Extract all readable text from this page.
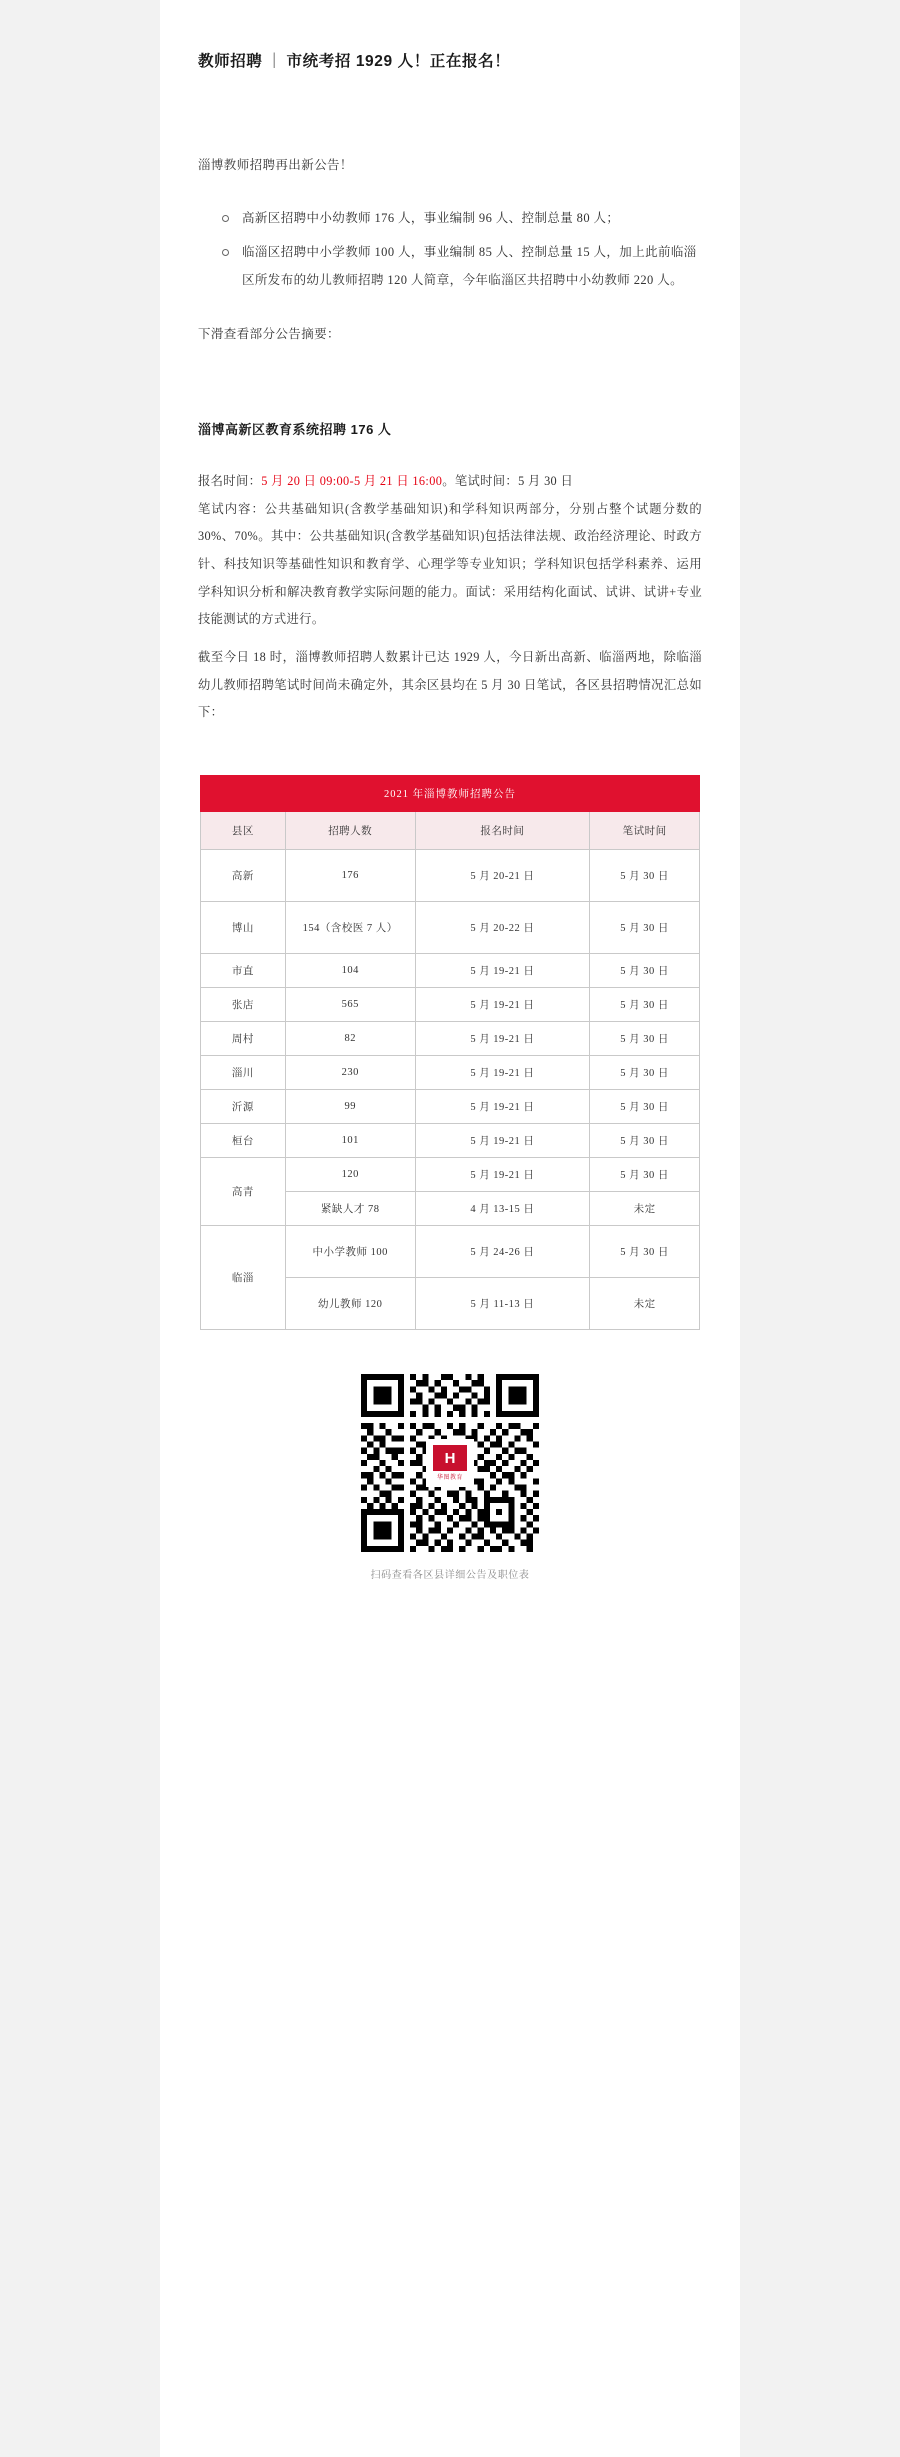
教师招聘 ｜ 市统考招 1929 人！正在报名！
淄博教师招聘再出新公告！
高新区招聘中小幼教师 176 人，事业编制 96 人、控制总量 80 人；
临淄区招聘中小学教师 100 人，事业编制 85 人、控制总量 15 人，加上此前临淄区所发布的幼儿教师招聘 120 人简章，今年临淄区共招聘中小幼教师 220 人。
下滑查看部分公告摘要：
淄博高新区教育系统招聘 176 人
报名时间：5 月 20 日 09:00-5 月 21 日 16:00。笔试时间：5 月 30 日
笔试内容：公共基础知识(含教学基础知识)和学科知识两部分，分别占整个试题分数的 30%、70%。其中：公共基础知识(含教学基础知识)包括法律法规、政治经济理论、时政方针、科技知识等基础性知识和教育学、心理学等专业知识；学科知识包括学科素养、运用学科知识分析和解决教育教学实际问题的能力。面试：采用结构化面试、试讲、试讲+专业技能测试的方式进行。
截至今日 18 时，淄博教师招聘人数累计已达 1929 人，今日新出高新、临淄两地，除临淄幼儿教师招聘笔试时间尚未确定外，其余区县均在 5 月 30 日笔试，各区县招聘情况汇总如下：
2021 年淄博教师招聘公告			
县区	招聘人数	报名时间	笔试时间
高新	176	5 月 20-21 日	5 月 30 日
博山	154（含校医 7 人）	5 月 20-22 日	5 月 30 日
市直	104	5 月 19-21 日	5 月 30 日
张店	565	5 月 19-21 日	5 月 30 日
周村	82	5 月 19-21 日	5 月 30 日
淄川	230	5 月 19-21 日	5 月 30 日
沂源	99	5 月 19-21 日	5 月 30 日
桓台	101	5 月 19-21 日	5 月 30 日
高青	120	5 月 19-21 日	5 月 30 日
	紧缺人才 78	4 月 13-15 日	未定
临淄	中小学教师 100	5 月 24-26 日	5 月 30 日
	幼儿教师 120	5 月 11-13 日	未定
H
华图教育
扫码查看各区县详细公告及职位表
